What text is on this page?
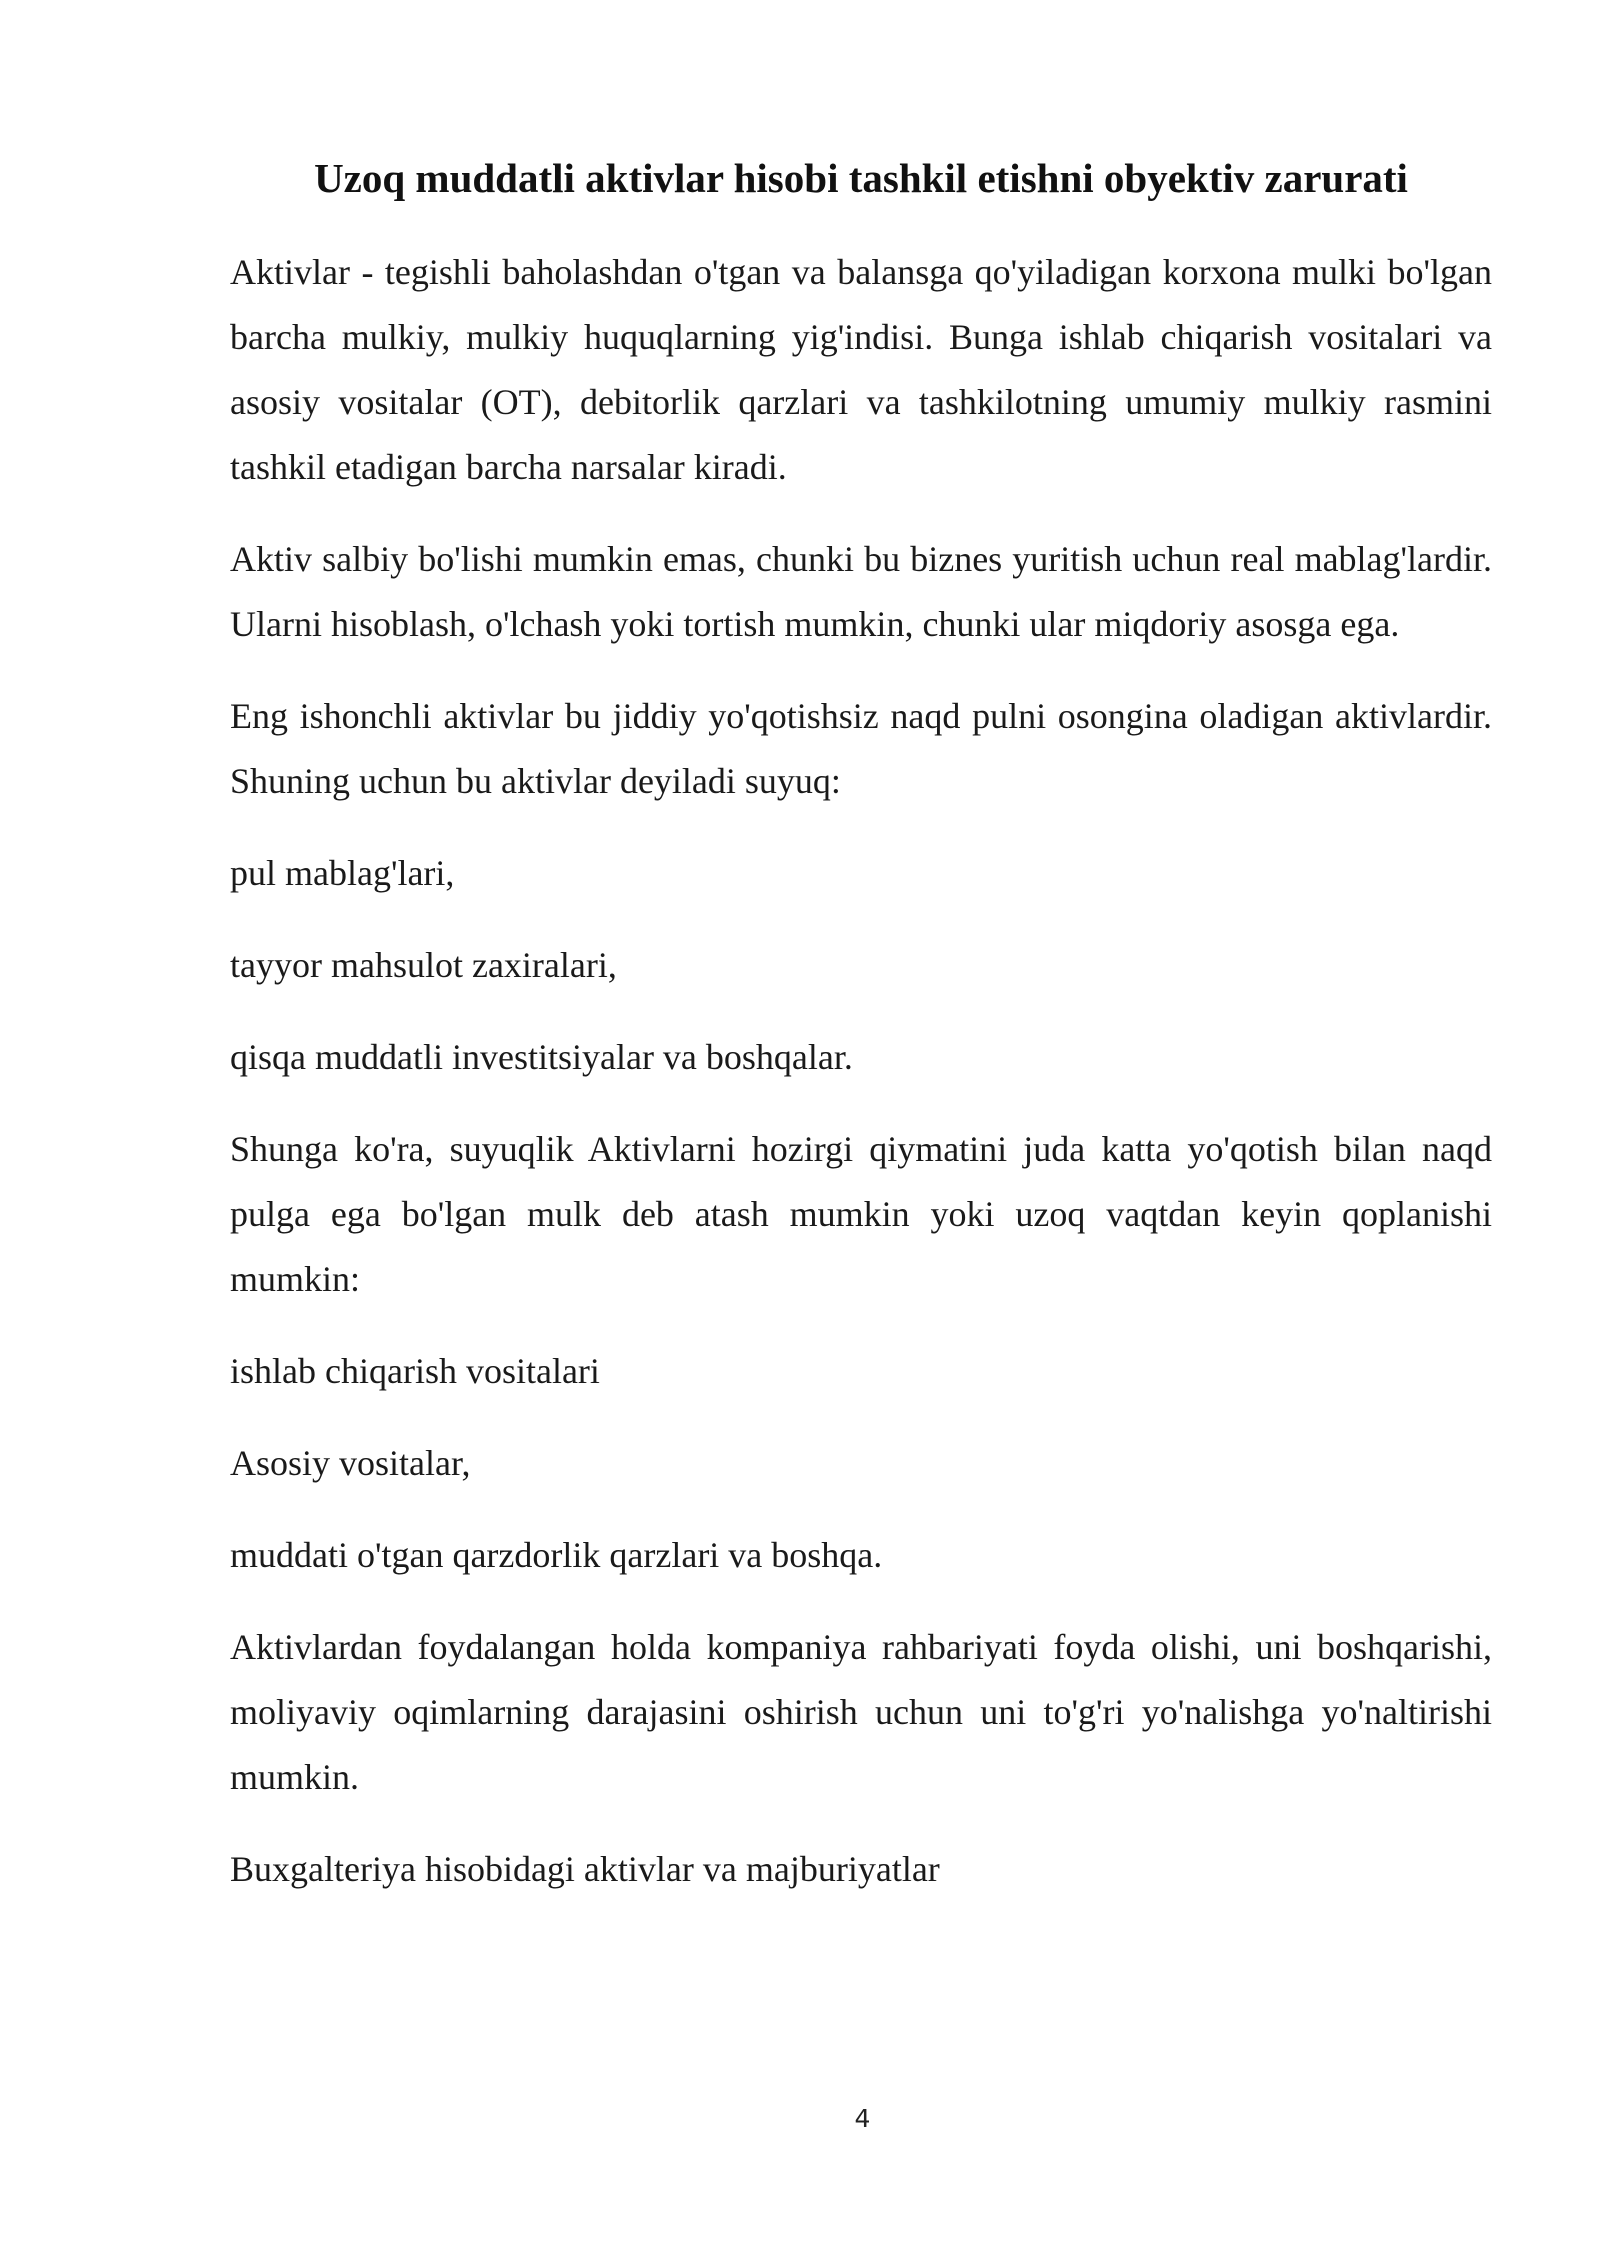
Uzoq muddatli aktivlar hisobi tashkil etishni obyektiv zarurati

Aktivlar - tegishli baholashdan o'tgan va balansga qo'yiladigan korxona mulki bo'lgan barcha mulkiy, mulkiy huquqlarning yig'indisi. Bunga ishlab chiqarish vositalari va asosiy vositalar (OT), debitorlik qarzlari va tashkilotning umumiy mulkiy rasmini tashkil etadigan barcha narsalar kiradi.

Aktiv salbiy bo'lishi mumkin emas, chunki bu biznes yuritish uchun real mablag'lardir. Ularni hisoblash, o'lchash yoki tortish mumkin, chunki ular miqdoriy asosga ega.

Eng ishonchli aktivlar bu jiddiy yo'qotishsiz naqd pulni osongina oladigan aktivlardir. Shuning uchun bu aktivlar deyiladi suyuq:

pul mablag'lari,

tayyor mahsulot zaxiralari,

qisqa muddatli investitsiyalar va boshqalar.

Shunga ko'ra, suyuqlik Aktivlarni hozirgi qiymatini juda katta yo'qotish bilan naqd pulga ega bo'lgan mulk deb atash mumkin yoki uzoq vaqtdan keyin qoplanishi mumkin:

ishlab chiqarish vositalari

Asosiy vositalar,

muddati o'tgan qarzdorlik qarzlari va boshqa.

Aktivlardan foydalangan holda kompaniya rahbariyati foyda olishi, uni boshqarishi, moliyaviy oqimlarning darajasini oshirish uchun uni to'g'ri yo'nalishga yo'naltirishi mumkin.

Buxgalteriya hisobidagi aktivlar va majburiyatlar

4
